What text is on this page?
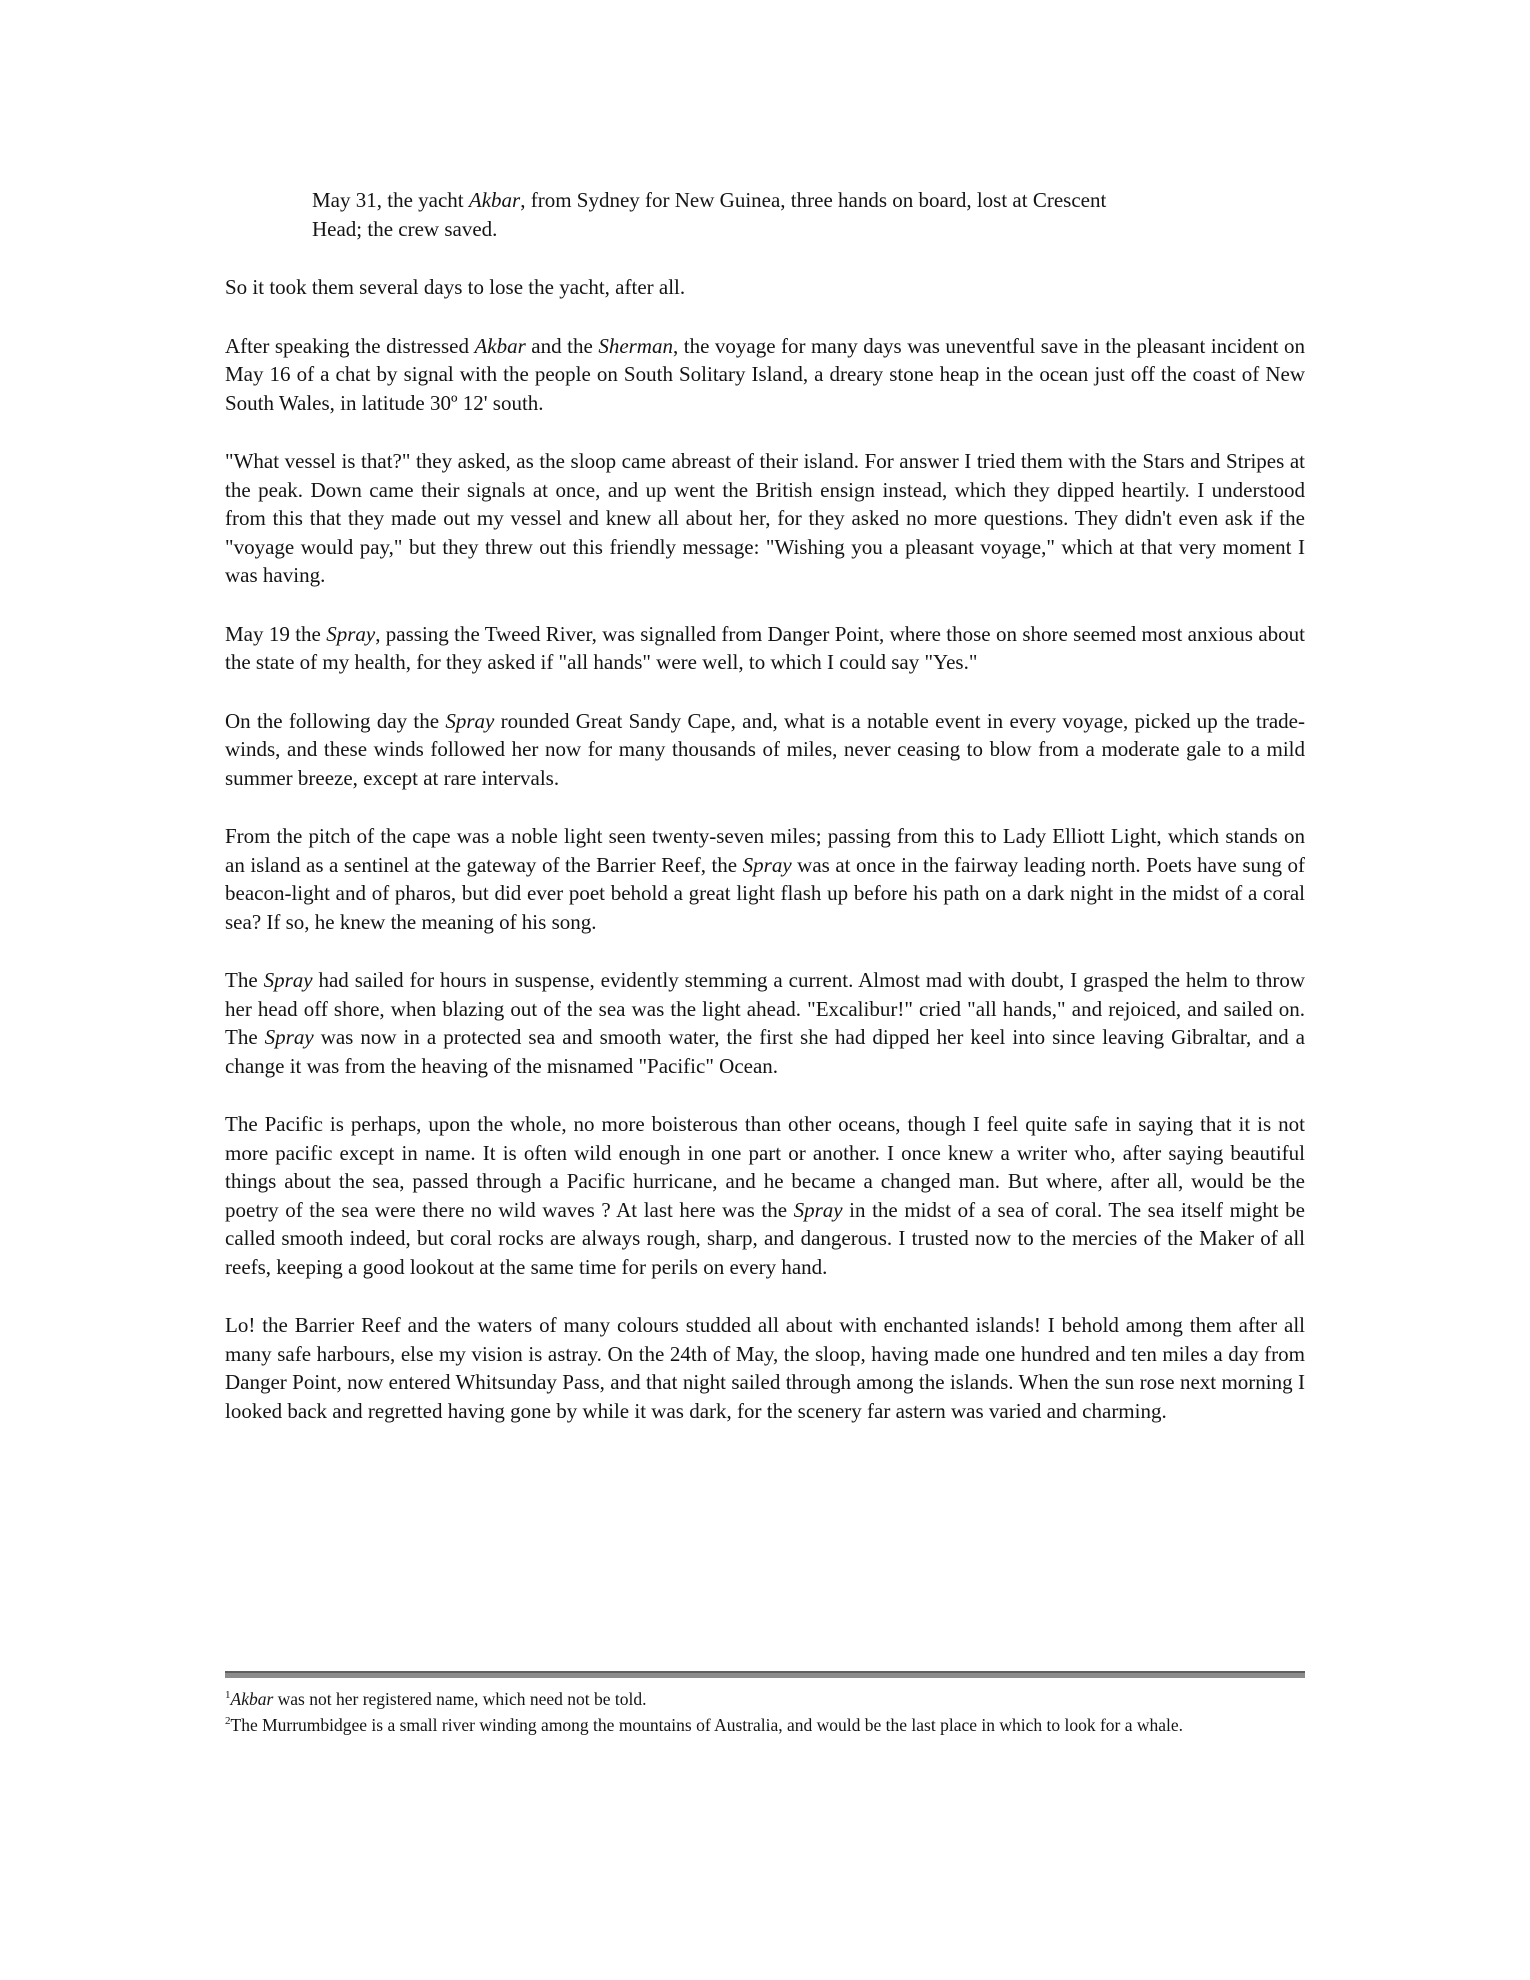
May 31, the yacht Akbar, from Sydney for New Guinea, three hands on board, lost at Crescent Head; the crew saved.

So it took them several days to lose the yacht, after all.

After speaking the distressed Akbar and the Sherman, the voyage for many days was uneventful save in the pleasant incident on May 16 of a chat by signal with the people on South Solitary Island, a dreary stone heap in the ocean just off the coast of New South Wales, in latitude 30º 12' south.

"What vessel is that?" they asked, as the sloop came abreast of their island. For answer I tried them with the Stars and Stripes at the peak. Down came their signals at once, and up went the British ensign instead, which they dipped heartily. I understood from this that they made out my vessel and knew all about her, for they asked no more questions. They didn't even ask if the "voyage would pay," but they threw out this friendly message: "Wishing you a pleasant voyage," which at that very moment I was having.

May 19 the Spray, passing the Tweed River, was signalled from Danger Point, where those on shore seemed most anxious about the state of my health, for they asked if "all hands" were well, to which I could say "Yes."

On the following day the Spray rounded Great Sandy Cape, and, what is a notable event in every voyage, picked up the trade-winds, and these winds followed her now for many thousands of miles, never ceasing to blow from a moderate gale to a mild summer breeze, except at rare intervals.

From the pitch of the cape was a noble light seen twenty-seven miles; passing from this to Lady Elliott Light, which stands on an island as a sentinel at the gateway of the Barrier Reef, the Spray was at once in the fairway leading north. Poets have sung of beacon-light and of pharos, but did ever poet behold a great light flash up before his path on a dark night in the midst of a coral sea? If so, he knew the meaning of his song.

The Spray had sailed for hours in suspense, evidently stemming a current. Almost mad with doubt, I grasped the helm to throw her head off shore, when blazing out of the sea was the light ahead. "Excalibur!" cried "all hands," and rejoiced, and sailed on. The Spray was now in a protected sea and smooth water, the first she had dipped her keel into since leaving Gibraltar, and a change it was from the heaving of the misnamed "Pacific" Ocean.

The Pacific is perhaps, upon the whole, no more boisterous than other oceans, though I feel quite safe in saying that it is not more pacific except in name. It is often wild enough in one part or another. I once knew a writer who, after saying beautiful things about the sea, passed through a Pacific hurricane, and he became a changed man. But where, after all, would be the poetry of the sea were there no wild waves ? At last here was the Spray in the midst of a sea of coral. The sea itself might be called smooth indeed, but coral rocks are always rough, sharp, and dangerous. I trusted now to the mercies of the Maker of all reefs, keeping a good lookout at the same time for perils on every hand.

Lo! the Barrier Reef and the waters of many colours studded all about with enchanted islands! I behold among them after all many safe harbours, else my vision is astray. On the 24th of May, the sloop, having made one hundred and ten miles a day from Danger Point, now entered Whitsunday Pass, and that night sailed through among the islands. When the sun rose next morning I looked back and regretted having gone by while it was dark, for the scenery far astern was varied and charming.

$^1$Akbar was not her registered name, which need not be told.

$^2$The Murrumbidgee is a small river winding among the mountains of Australia, and would be the last place in which to look for a whale.
